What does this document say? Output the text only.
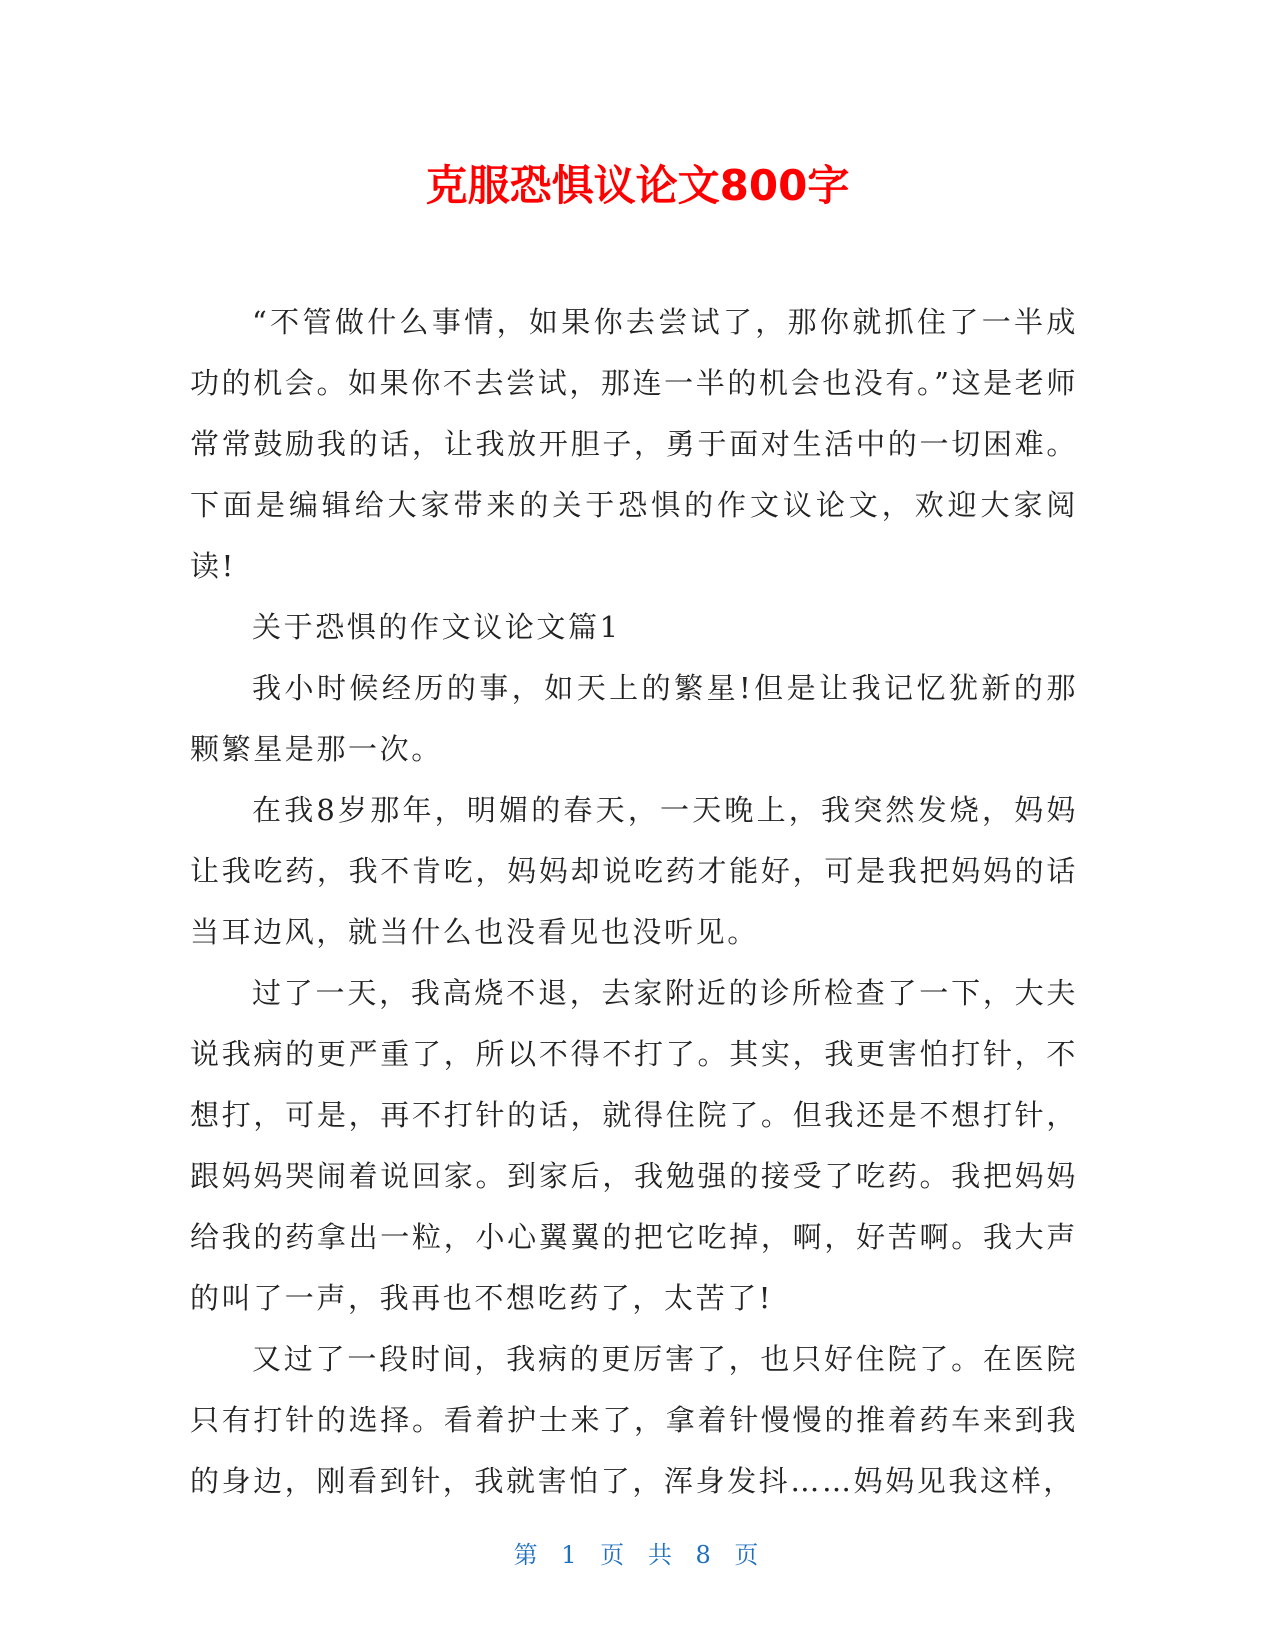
克服恐惧议论文800字

“不管做什么事情，如果你去尝试了，那你就抓住了一半成功的机会。如果你不去尝试，那连一半的机会也没有。”这是老师常常鼓励我的话，让我放开胆子，勇于面对生活中的一切困难。下面是编辑给大家带来的关于恐惧的作文议论文，欢迎大家阅读!

关于恐惧的作文议论文篇1

我小时候经历的事，如天上的繁星!但是让我记忆犹新的那颗繁星是那一次。

在我8岁那年，明媚的春天，一天晚上，我突然发烧，妈妈让我吃药，我不肯吃，妈妈却说吃药才能好，可是我把妈妈的话当耳边风，就当什么也没看见也没听见。

过了一天，我高烧不退，去家附近的诊所检查了一下，大夫说我病的更严重了，所以不得不打了。其实，我更害怕打针，不想打，可是，再不打针的话，就得住院了。但我还是不想打针，跟妈妈哭闹着说回家。到家后，我勉强的接受了吃药。我把妈妈给我的药拿出一粒，小心翼翼的把它吃掉，啊，好苦啊。我大声的叫了一声，我再也不想吃药了，太苦了!

又过了一段时间，我病的更厉害了，也只好住院了。在医院只有打针的选择。看着护士来了，拿着针慢慢的推着药车来到我的身边，刚看到针，我就害怕了，浑身发抖……妈妈见我这样，

第 1 页 共 8 页
